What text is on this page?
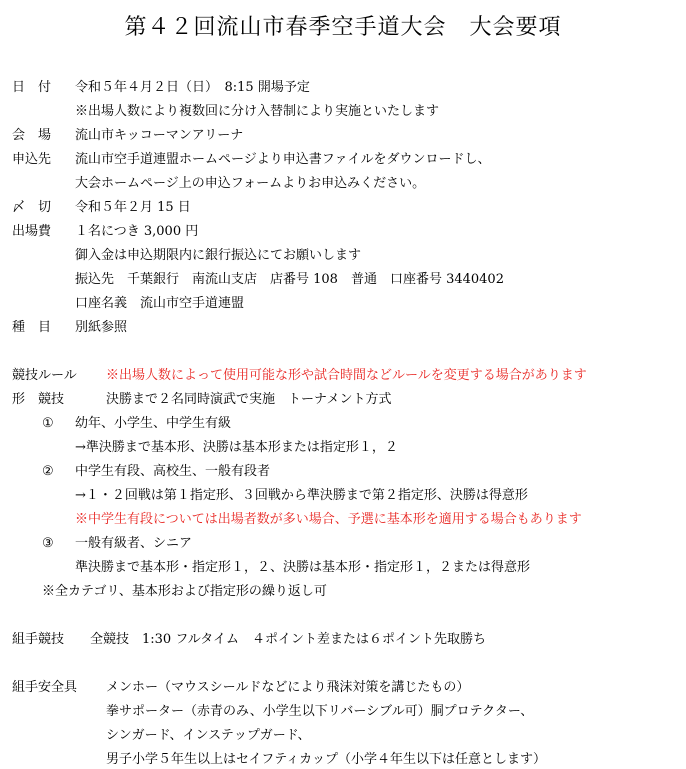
第４２回流山市春季空手道大会　大会要項
日　付 令和５年４月２日（日）　8:15 開場予定
※出場人数により複数回に分け入替制により実施といたします
会　場 流山市キッコーマンアリーナ
申込先 流山市空手道連盟ホームページより申込書ファイルをダウンロードし、
大会ホームページ上の申込フォームよりお申込みください。
〆　切 令和５年２月 15 日
出場費 １名につき 3,000 円
御入金は申込期限内に銀行振込にてお願いします
振込先　千葉銀行　南流山支店　店番号 108　普通　口座番号 3440402
口座名義　流山市空手道連盟
種　目 別紙参照
競技ルール ※出場人数によって使用可能な形や試合時間などルールを変更する場合があります
形　競技	決勝まで２名同時演武で実施　トーナメント方式
① 幼年、小学生、中学生有級
→準決勝まで基本形、決勝は基本形または指定形１，２
② 中学生有段、高校生、一般有段者
→１・２回戦は第１指定形、３回戦から準決勝まで第２指定形、決勝は得意形
※中学生有段については出場者数が多い場合、予選に基本形を適用する場合もあります
③ 一般有級者、シニア
準決勝まで基本形・指定形１，２、決勝は基本形・指定形１，２または得意形
※全カテゴリ、基本形および指定形の繰り返し可
組手競技 全競技　1:30 フルタイム　４ポイント差または６ポイント先取勝ち
組手安全具 メンホー（マウスシールドなどにより飛沫対策を講じたもの）
拳サポーター（赤青のみ、小学生以下リバーシブル可）胴プロテクター、
シンガード、インステップガード、
男子小学５年生以上はセイフティカップ（小学４年生以下は任意とします）
